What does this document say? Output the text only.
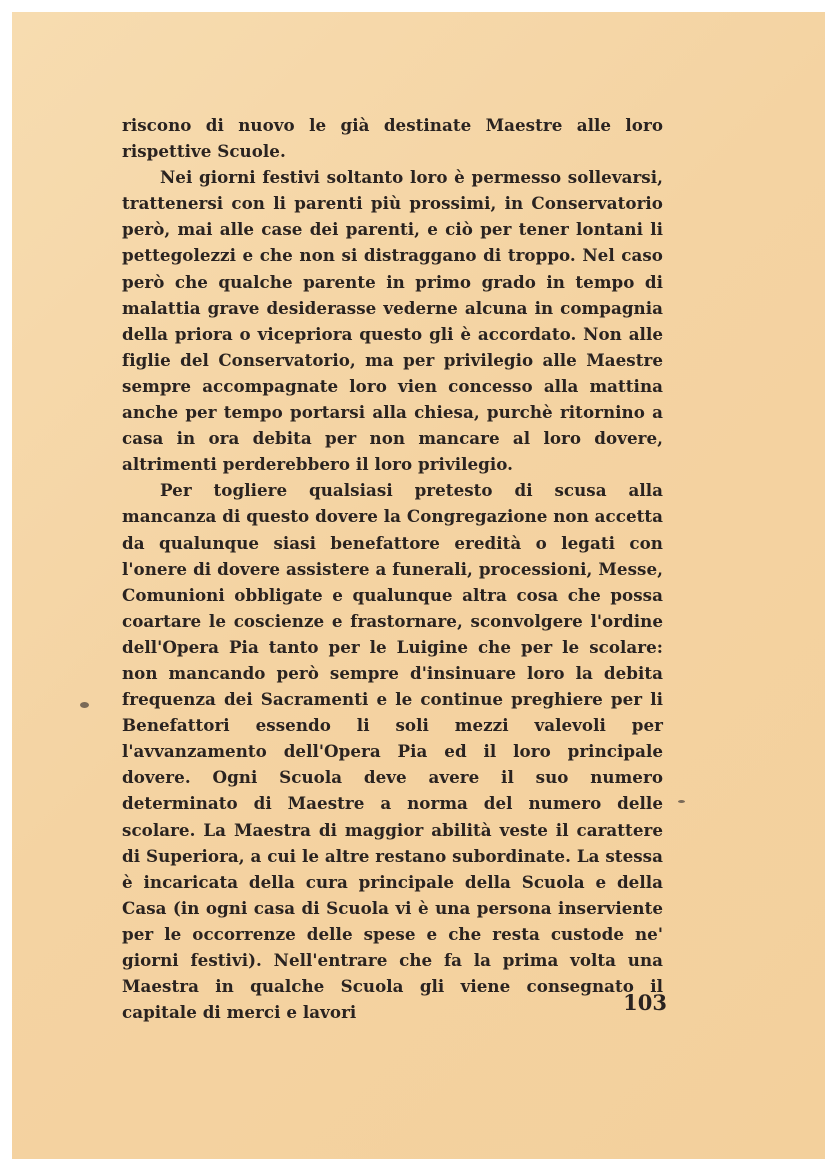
riscono di nuovo le già destinate Maestre alle loro rispettive Scuole.

Nei giorni festivi soltanto loro è permesso sollevarsi, trattenersi con li parenti più prossimi, in Conservatorio però, mai alle case dei parenti, e ciò per tener lontani li pettegolezzi e che non si distraggano di troppo. Nel caso però che qualche parente in primo grado in tempo di malattia grave desiderasse vederne alcuna in compagnia della priora o vicepriora questo gli è accordato. Non alle figlie del Conservatorio, ma per privilegio alle Maestre sempre accompagnate loro vien concesso alla mattina anche per tempo portarsi alla chiesa, purchè ritornino a casa in ora debita per non mancare al loro dovere, altrimenti perderebbero il loro privilegio.

Per togliere qualsiasi pretesto di scusa alla mancanza di questo dovere la Congregazione non accetta da qualunque siasi benefattore eredità o legati con l'onere di dovere assistere a funerali, processioni, Messe, Comunioni obbligate e qualunque altra cosa che possa coartare le coscienze e frastornare, sconvolgere l'ordine dell'Opera Pia tanto per le Luigine che per le scolare: non mancando però sempre d'insinuare loro la debita frequenza dei Sacramenti e le continue preghiere per li Benefattori essendo li soli mezzi valevoli per l'avvanzamento dell'Opera Pia ed il loro principale dovere. Ogni Scuola deve avere il suo numero determinato di Maestre a norma del numero delle scolare. La Maestra di maggior abilità veste il carattere di Superiora, a cui le altre restano subordinate. La stessa è incaricata della cura principale della Scuola e della Casa (in ogni casa di Scuola vi è una persona inserviente per le occorrenze delle spese e che resta custode ne' giorni festivi). Nell'entrare che fa la prima volta una Maestra in qualche Scuola gli viene consegnato il capitale di merci e lavori	103
